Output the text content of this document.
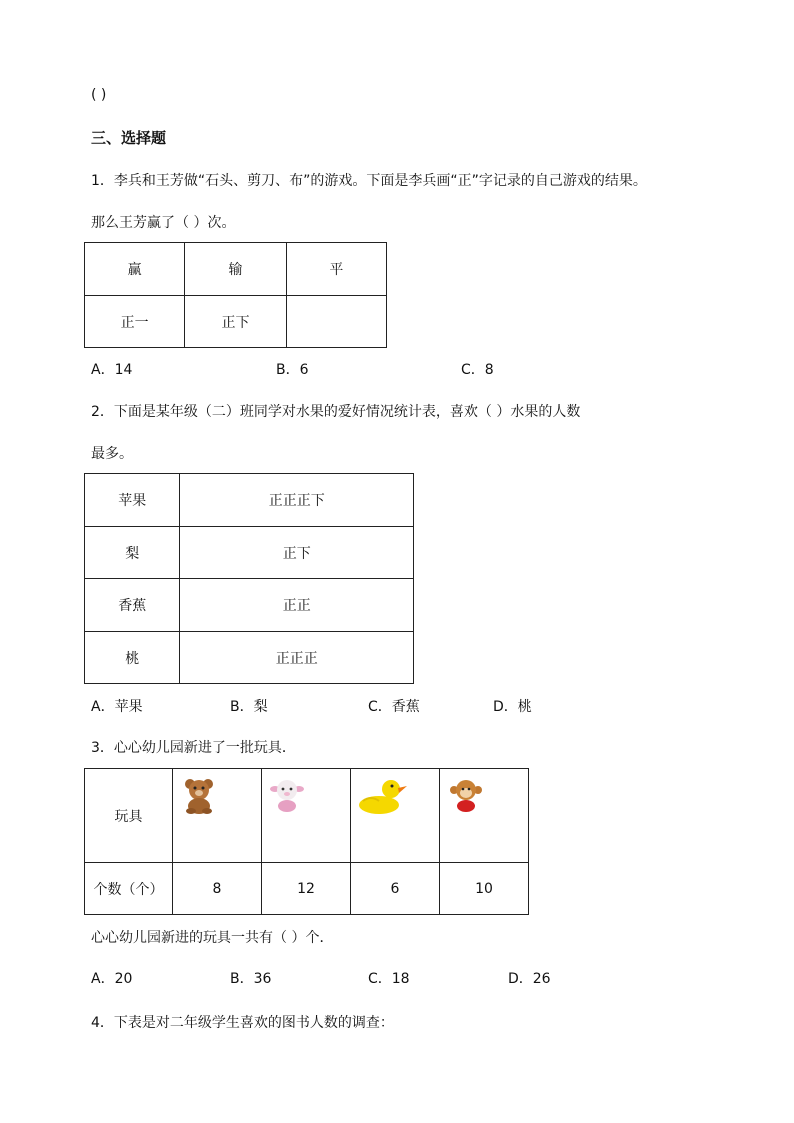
( )
三、选择题
1．李兵和王芳做“石头、剪刀、布”的游戏。下面是李兵画“正”字记录的自己游戏的结果。
那么王芳赢了（ ）次。
赢	输	平
正一	正下	
A．14	B．6	C．8
2．下面是某年级（二）班同学对水果的爱好情况统计表，喜欢（ ）水果的人数
最多。
苹果	正正正下
梨	正下
香蕉	正正
桃	正正正
A．苹果	B．梨	C．香蕉	D．桃
3．心心幼儿园新进了一批玩具．
玩具				
个数（个）	8	12	6	10
心心幼儿园新进的玩具一共有（ ）个．
A．20	B．36	C．18	D．26
4．下表是对二年级学生喜欢的图书人数的调查：
